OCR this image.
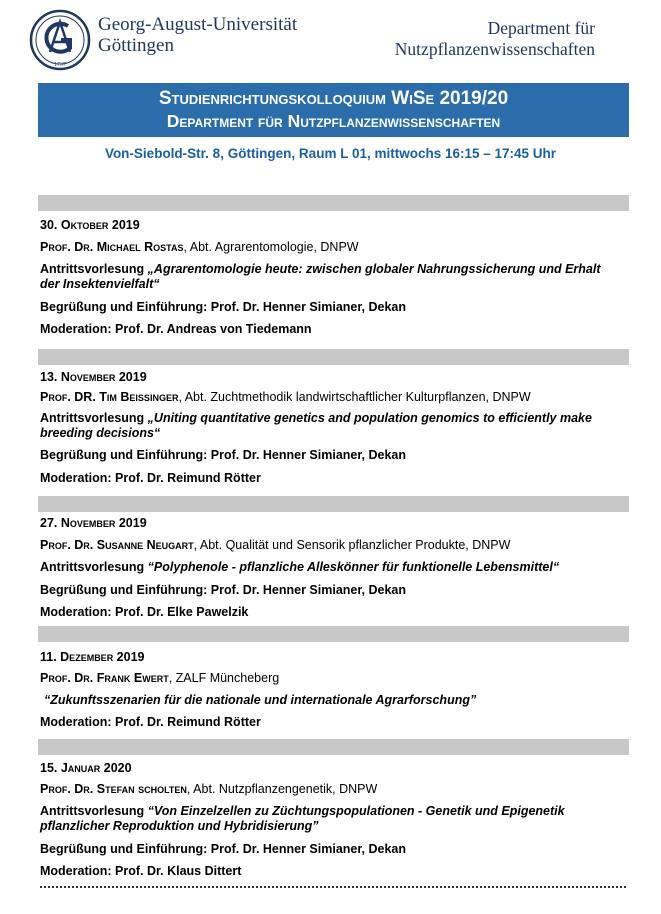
1737
Georg-August-Universität
Göttingen
Department für
Nutzpflanzenwissenschaften
Studienrichtungskolloquium WiSe 2019/20
Department für Nutzpflanzenwissenschaften
Von-Siebold-Str. 8, Göttingen, Raum L 01, mittwochs 16:15 – 17:45 Uhr
30. Oktober 2019
Prof. Dr. Michael Rostas, Abt. Agrarentomologie, DNPW
Antrittsvorlesung „Agrarentomologie heute: zwischen globaler Nahrungssicherung und Erhalt
der Insektenvielfalt“
Begrüßung und Einführung: Prof. Dr. Henner Simianer, Dekan
Moderation: Prof. Dr. Andreas von Tiedemann
13. November 2019
Prof. DR. Tim Beissinger, Abt. Zuchtmethodik landwirtschaftlicher Kulturpflanzen, DNPW
Antrittsvorlesung „Uniting quantitative genetics and population genomics to efficiently make
breeding decisions“
Begrüßung und Einführung: Prof. Dr. Henner Simianer, Dekan
Moderation: Prof. Dr. Reimund Rötter
27. November 2019
Prof. Dr. Susanne Neugart, Abt. Qualität und Sensorik pflanzlicher Produkte, DNPW
Antrittsvorlesung “Polyphenole - pflanzliche Alleskönner für funktionelle Lebensmittel“
Begrüßung und Einführung: Prof. Dr. Henner Simianer, Dekan
Moderation: Prof. Dr. Elke Pawelzik
11. Dezember 2019
Prof. Dr. Frank Ewert, ZALF Müncheberg
“Zukunftsszenarien für die nationale und internationale Agrarforschung”
Moderation: Prof. Dr. Reimund Rötter
15. Januar 2020
Prof. Dr. Stefan scholten, Abt. Nutzpflanzengenetik, DNPW
Antrittsvorlesung “Von Einzelzellen zu Züchtungspopulationen - Genetik und Epigenetik
pflanzlicher Reproduktion und Hybridisierung”
Begrüßung und Einführung: Prof. Dr. Henner Simianer, Dekan
Moderation: Prof. Dr. Klaus Dittert
